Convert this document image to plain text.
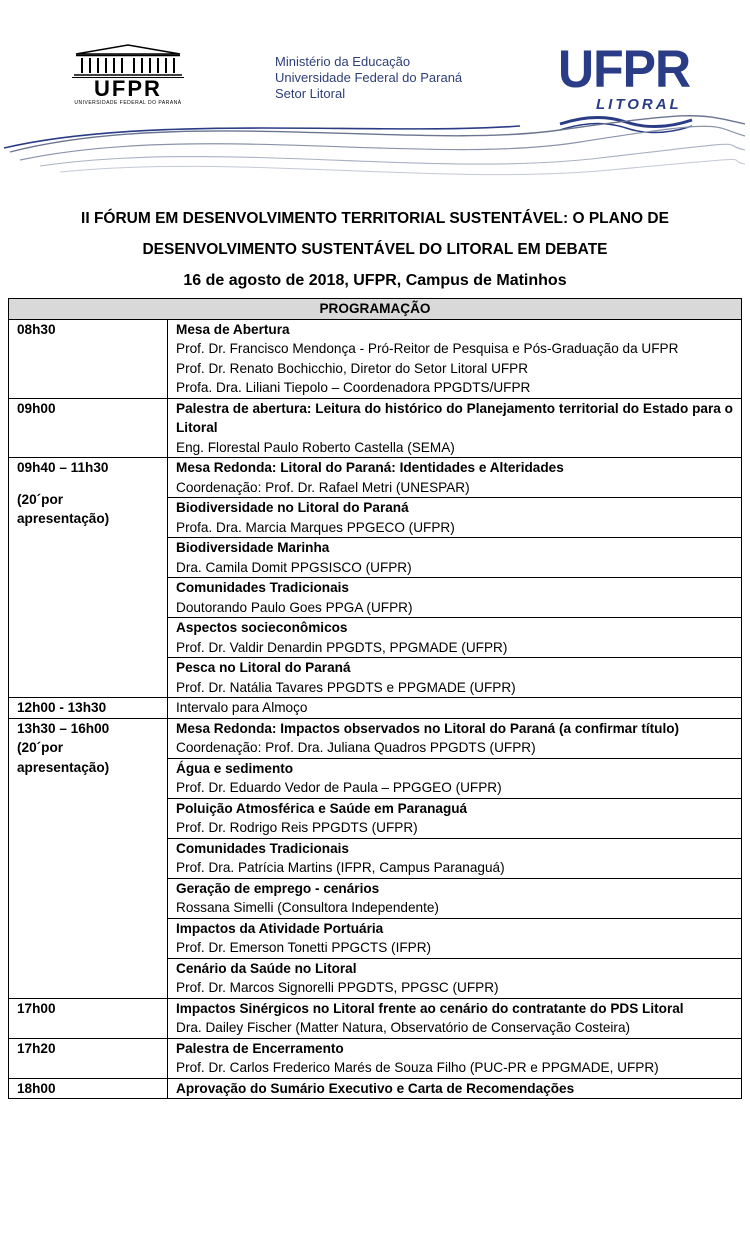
UFPR
UNIVERSIDADE FEDERAL DO PARANÁ
Ministério da Educação
Universidade Federal do Paraná
Setor Litoral	UFPR
LITORAL
II FÓRUM EM DESENVOLVIMENTO TERRITORIAL SUSTENTÁVEL: O PLANO DE
DESENVOLVIMENTO SUSTENTÁVEL DO LITORAL EM DEBATE
16 de agosto de 2018, UFPR, Campus de Matinhos
PROGRAMAÇÃO	
08h30	Mesa de Abertura
Prof. Dr. Francisco Mendonça - Pró-Reitor de Pesquisa e Pós-Graduação da UFPR
Prof. Dr. Renato Bochicchio, Diretor do Setor Litoral UFPR
Profa. Dra. Liliani Tiepolo – Coordenadora PPGDTS/UFPR

09h00	Palestra de abertura: Leitura do histórico do Planejamento territorial do Estado para o Litoral
Eng. Florestal Paulo Roberto Castella (SEMA)

09h40 – 11h30
(20´por apresentação)	Mesa Redonda: Litoral do Paraná: Identidades e Alteridades
Coordenação: Prof. Dr. Rafael Metri (UNESPAR)

	Biodiversidade no Litoral do Paraná
Profa. Dra. Marcia Marques PPGECO (UFPR)

	Biodiversidade Marinha
Dra. Camila Domit PPGSISCO (UFPR)

	Comunidades Tradicionais
Doutorando Paulo Goes PPGA (UFPR)

	Aspectos socieconômicos
Prof. Dr. Valdir Denardin PPGDTS, PPGMADE (UFPR)

	Pesca no Litoral do Paraná
Prof. Dr. Natália Tavares PPGDTS e PPGMADE (UFPR)

12h00 - 13h30	Intervalo para Almoço

13h30 – 16h00
(20´por apresentação)	Mesa Redonda: Impactos observados no Litoral do Paraná (a confirmar título)
Coordenação: Prof. Dra. Juliana Quadros PPGDTS (UFPR)

	Água e sedimento
Prof. Dr. Eduardo Vedor de Paula – PPGGEO (UFPR)

	Poluição Atmosférica e Saúde em Paranaguá
Prof. Dr. Rodrigo Reis PPGDTS (UFPR)

	Comunidades Tradicionais
Prof. Dra. Patrícia Martins (IFPR, Campus Paranaguá)

	Geração de emprego - cenários
Rossana Simelli (Consultora Independente)

	Impactos da Atividade Portuária
Prof. Dr. Emerson Tonetti PPGCTS (IFPR)

	Cenário da Saúde no Litoral
Prof. Dr. Marcos Signorelli PPGDTS, PPGSC (UFPR)

17h00	Impactos Sinérgicos no Litoral frente ao cenário do contratante do PDS Litoral
Dra. Dailey Fischer (Matter Natura, Observatório de Conservação Costeira)

17h20	Palestra de Encerramento
Prof. Dr. Carlos Frederico Marés de Souza Filho (PUC-PR e PPGMADE, UFPR)

18h00	Aprovação do Sumário Executivo e Carta de Recomendações
